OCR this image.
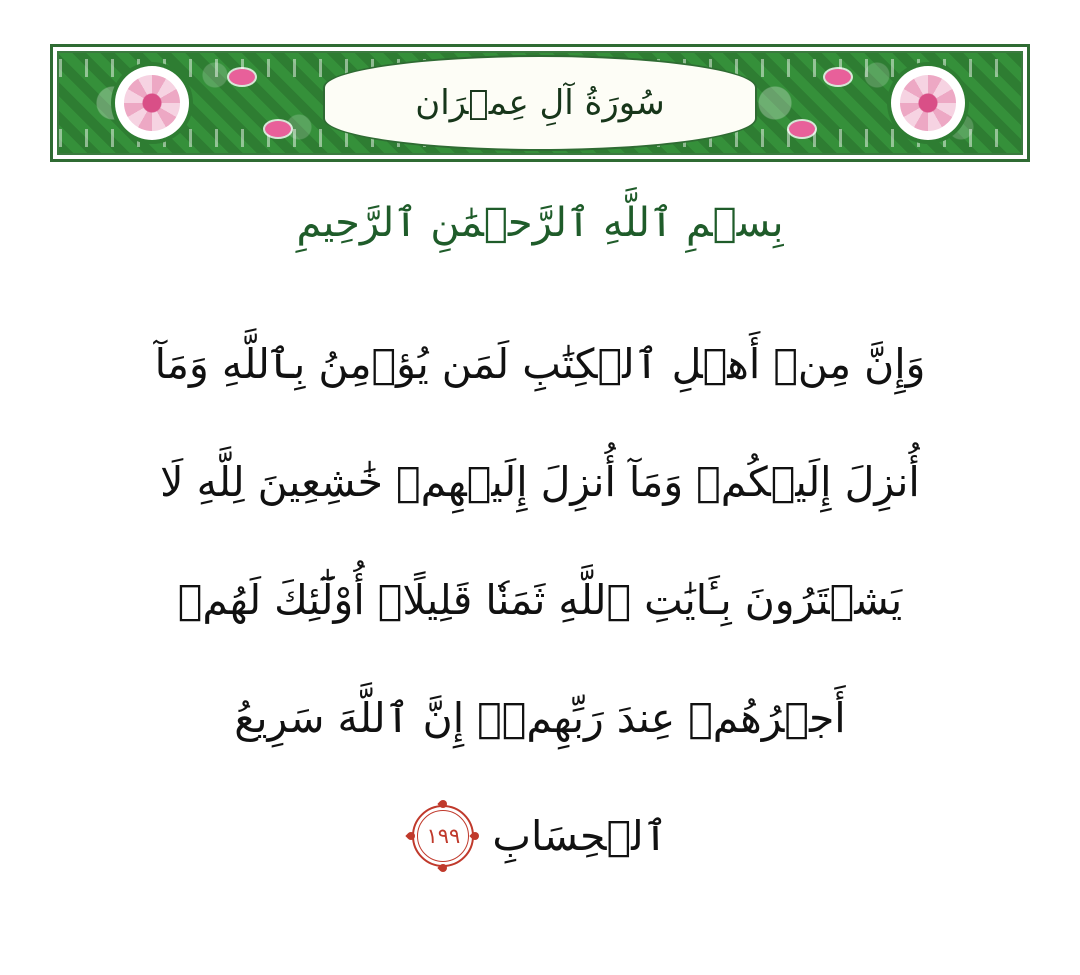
سُورَةُ آلِ عِمۡرَان
بِسۡمِ ٱللَّهِ ٱلرَّحۡمَٰنِ ٱلرَّحِيمِ
وَإِنَّ مِنۡ أَهۡلِ ٱلۡكِتَٰبِ لَمَن يُؤۡمِنُ بِٱللَّهِ وَمَآ
أُنزِلَ إِلَيۡكُمۡ وَمَآ أُنزِلَ إِلَيۡهِمۡ خَٰشِعِينَ لِلَّهِ لَا
يَشۡتَرُونَ بِـَٔايَٰتِ ٱللَّهِ ثَمَنٗا قَلِيلًاۚ أُوْلَٰٓئِكَ لَهُمۡ
أَجۡرُهُمۡ عِندَ رَبِّهِمۡۗ إِنَّ ٱللَّهَ سَرِيعُ
ٱلۡحِسَابِ
١٩٩
